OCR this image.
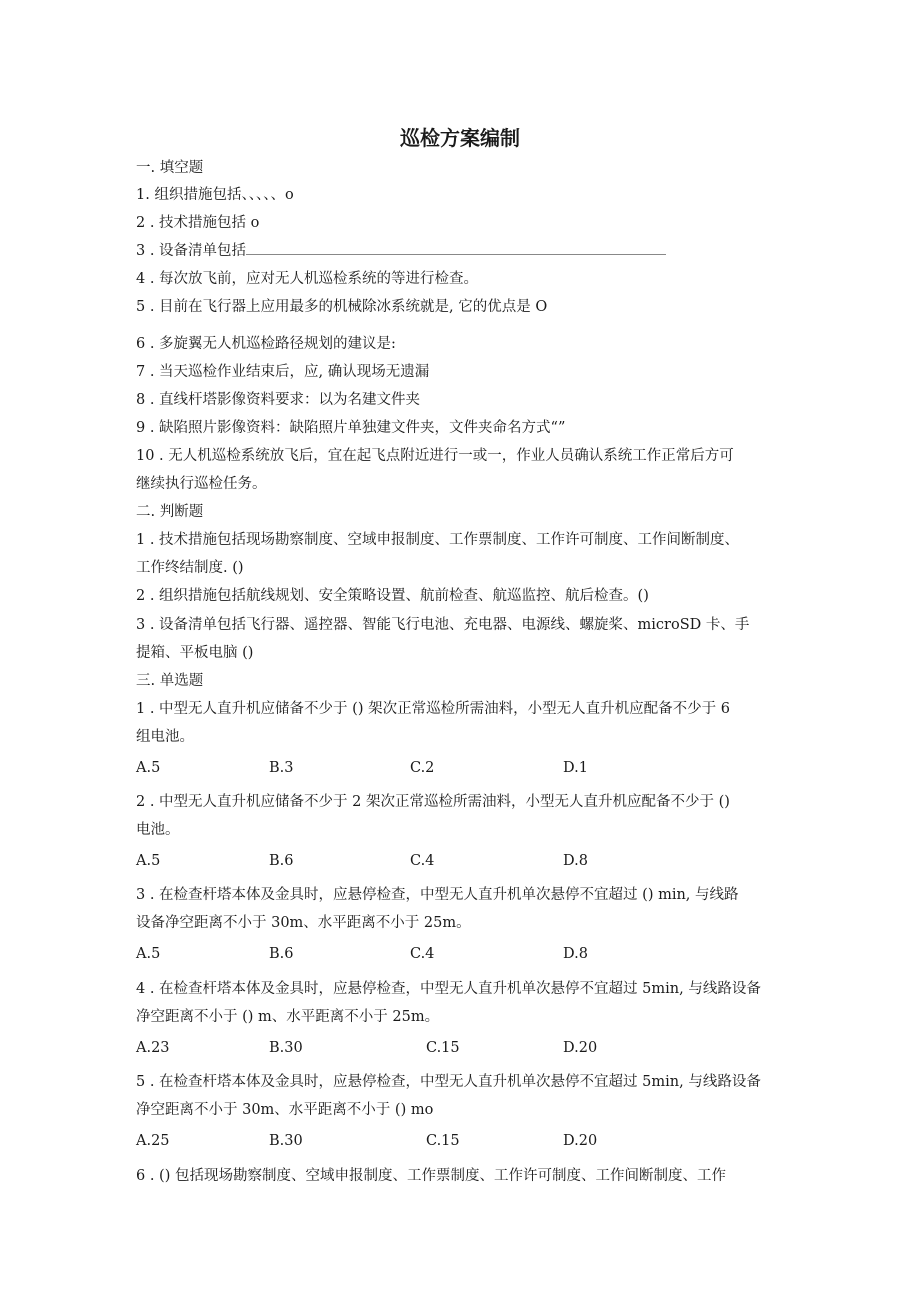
巡检方案编制
一. 填空题
1. 组织措施包括、、、、、o
2 . 技术措施包括 o
3 . 设备清单包括
4 . 每次放飞前，应对无人机巡检系统的等进行检查。
5 . 目前在飞行器上应用最多的机械除冰系统就是, 它的优点是 O
6 . 多旋翼无人机巡检路径规划的建议是:
7 . 当天巡检作业结束后，应, 确认现场无遗漏
8 . 直线杆塔影像资料要求：以为名建文件夹
9 . 缺陷照片影像资料：缺陷照片单独建文件夹，文件夹命名方式“”
10 . 无人机巡检系统放飞后，宜在起飞点附近进行一或一，作业人员确认系统工作正常后方可
继续执行巡检任务。
二. 判断题
1 . 技术措施包括现场勘察制度、空域申报制度、工作票制度、工作许可制度、工作间断制度、
工作终结制度. ()
2 . 组织措施包括航线规划、安全策略设置、航前检查、航巡监控、航后检查。()
3 . 设备清单包括飞行器、遥控器、智能飞行电池、充电器、电源线、螺旋桨、microSD 卡、手
提箱、平板电脑 ()
三. 单选题
1 . 中型无人直升机应储备不少于 () 架次正常巡检所需油料，小型无人直升机应配备不少于 6
组电池。
A.5	B.3	C.2	D.1
2 . 中型无人直升机应储备不少于 2 架次正常巡检所需油料，小型无人直升机应配备不少于 ()
电池。
A.5	B.6	C.4	D.8
3 . 在检查杆塔本体及金具时，应悬停检查，中型无人直升机单次悬停不宜超过 () min, 与线路
设备净空距离不小于 30m、水平距离不小于 25m。
A.5	B.6	C.4	D.8
4 . 在检查杆塔本体及金具时，应悬停检查，中型无人直升机单次悬停不宜超过 5min, 与线路设备
净空距离不小于 () m、水平距离不小于 25m。
A.23	B.30	C.15	D.20
5 . 在检查杆塔本体及金具时，应悬停检查，中型无人直升机单次悬停不宜超过 5min, 与线路设备
净空距离不小于 30m、水平距离不小于 () mo
A.25	B.30	C.15	D.20
6 . () 包括现场勘察制度、空域申报制度、工作票制度、工作许可制度、工作间断制度、工作
